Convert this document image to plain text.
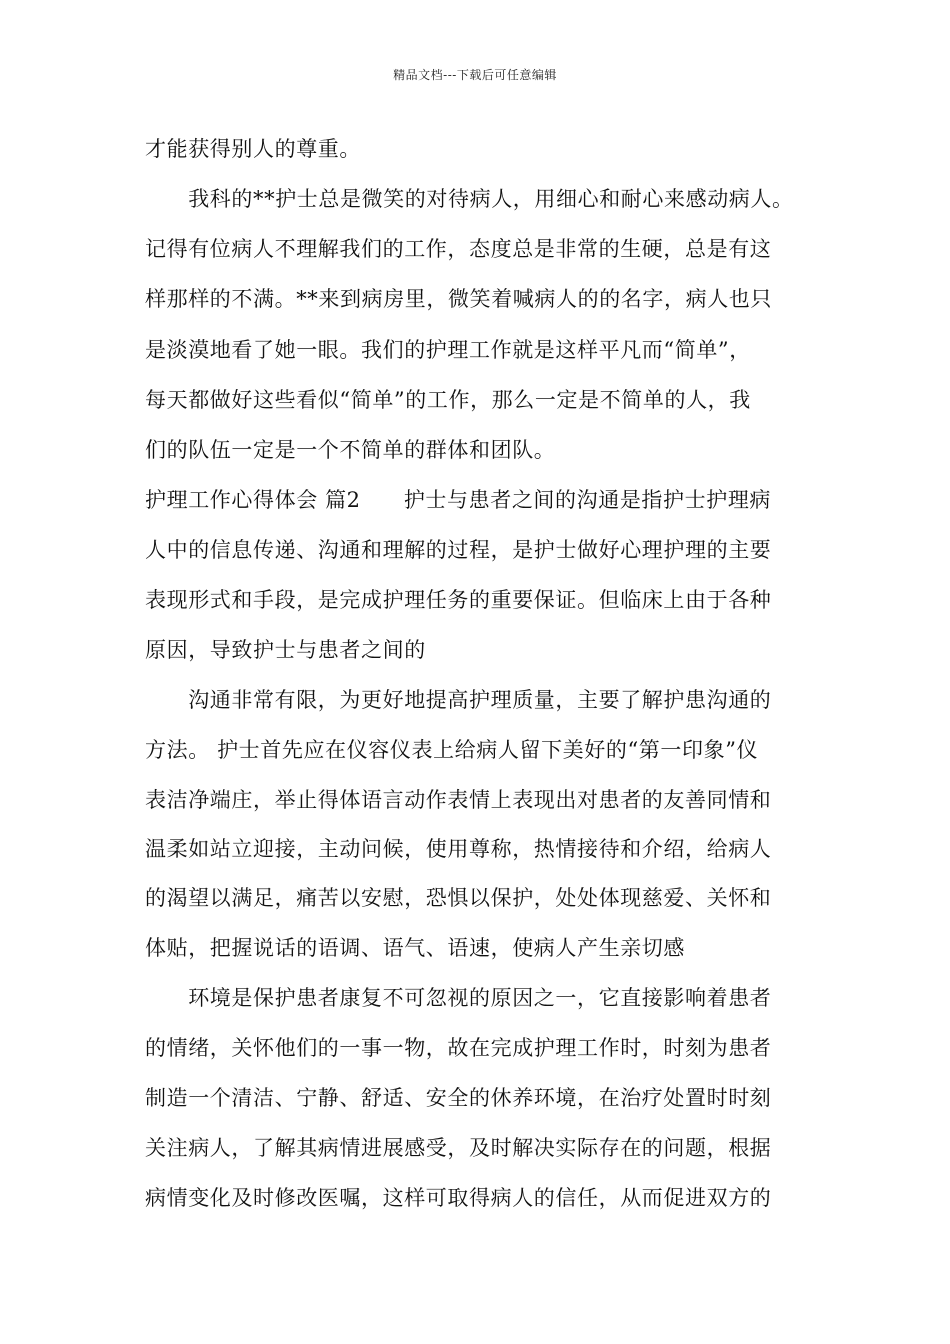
精品文档---下载后可任意编辑
才能获得别人的尊重。
　　我科的**护士总是微笑的对待病人，用细心和耐心来感动病人。
记得有位病人不理解我们的工作，态度总是非常的生硬，总是有这
样那样的不满。**来到病房里，微笑着喊病人的的名字，病人也只
是淡漠地看了她一眼。我们的护理工作就是这样平凡而“简单”，
每天都做好这些看似“简单”的工作，那么一定是不简单的人，我
们的队伍一定是一个不简单的群体和团队。
护理工作心得体会 篇2　　护士与患者之间的沟通是指护士护理病
人中的信息传递、沟通和理解的过程，是护士做好心理护理的主要
表现形式和手段，是完成护理任务的重要保证。但临床上由于各种
原因，导致护士与患者之间的
　　沟通非常有限，为更好地提高护理质量，主要了解护患沟通的
方法。 护士首先应在仪容仪表上给病人留下美好的“第一印象”仪
表洁净端庄，举止得体语言动作表情上表现出对患者的友善同情和
温柔如站立迎接，主动问候，使用尊称，热情接待和介绍，给病人
的渴望以满足，痛苦以安慰，恐惧以保护，处处体现慈爱、关怀和
体贴，把握说话的语调、语气、语速，使病人产生亲切感
　　环境是保护患者康复不可忽视的原因之一，它直接影响着患者
的情绪，关怀他们的一事一物，故在完成护理工作时，时刻为患者
制造一个清洁、宁静、舒适、安全的休养环境，在治疗处置时时刻
关注病人，了解其病情进展感受，及时解决实际存在的问题，根据
病情变化及时修改医嘱，这样可取得病人的信任，从而促进双方的
